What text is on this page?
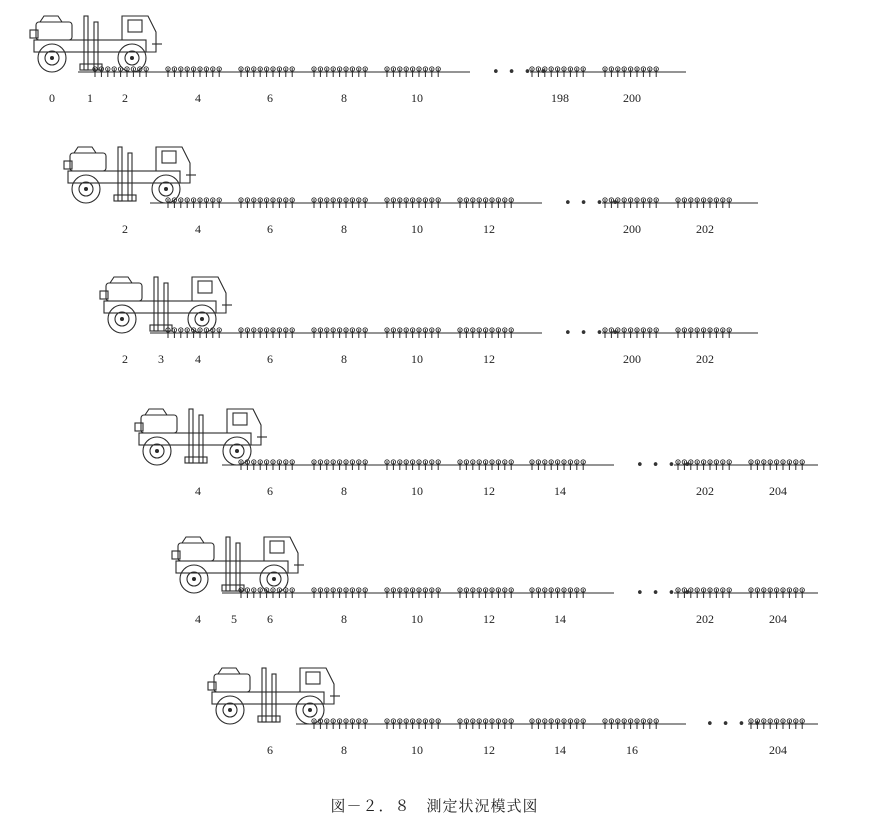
• • • •
0	1 2	4	6	8	10	198	200
• • • •
2	4	6	8	10	12	200	202
• • • •
2	3	4	6	8	10	12	200	202
• • • •
4	6	8	10	12	14	202	204
• • • •
4	5	6	8	10	12	14	202	204
• • • •
6	8	10	12	14	16	204
図－２．８　測定状況模式図
